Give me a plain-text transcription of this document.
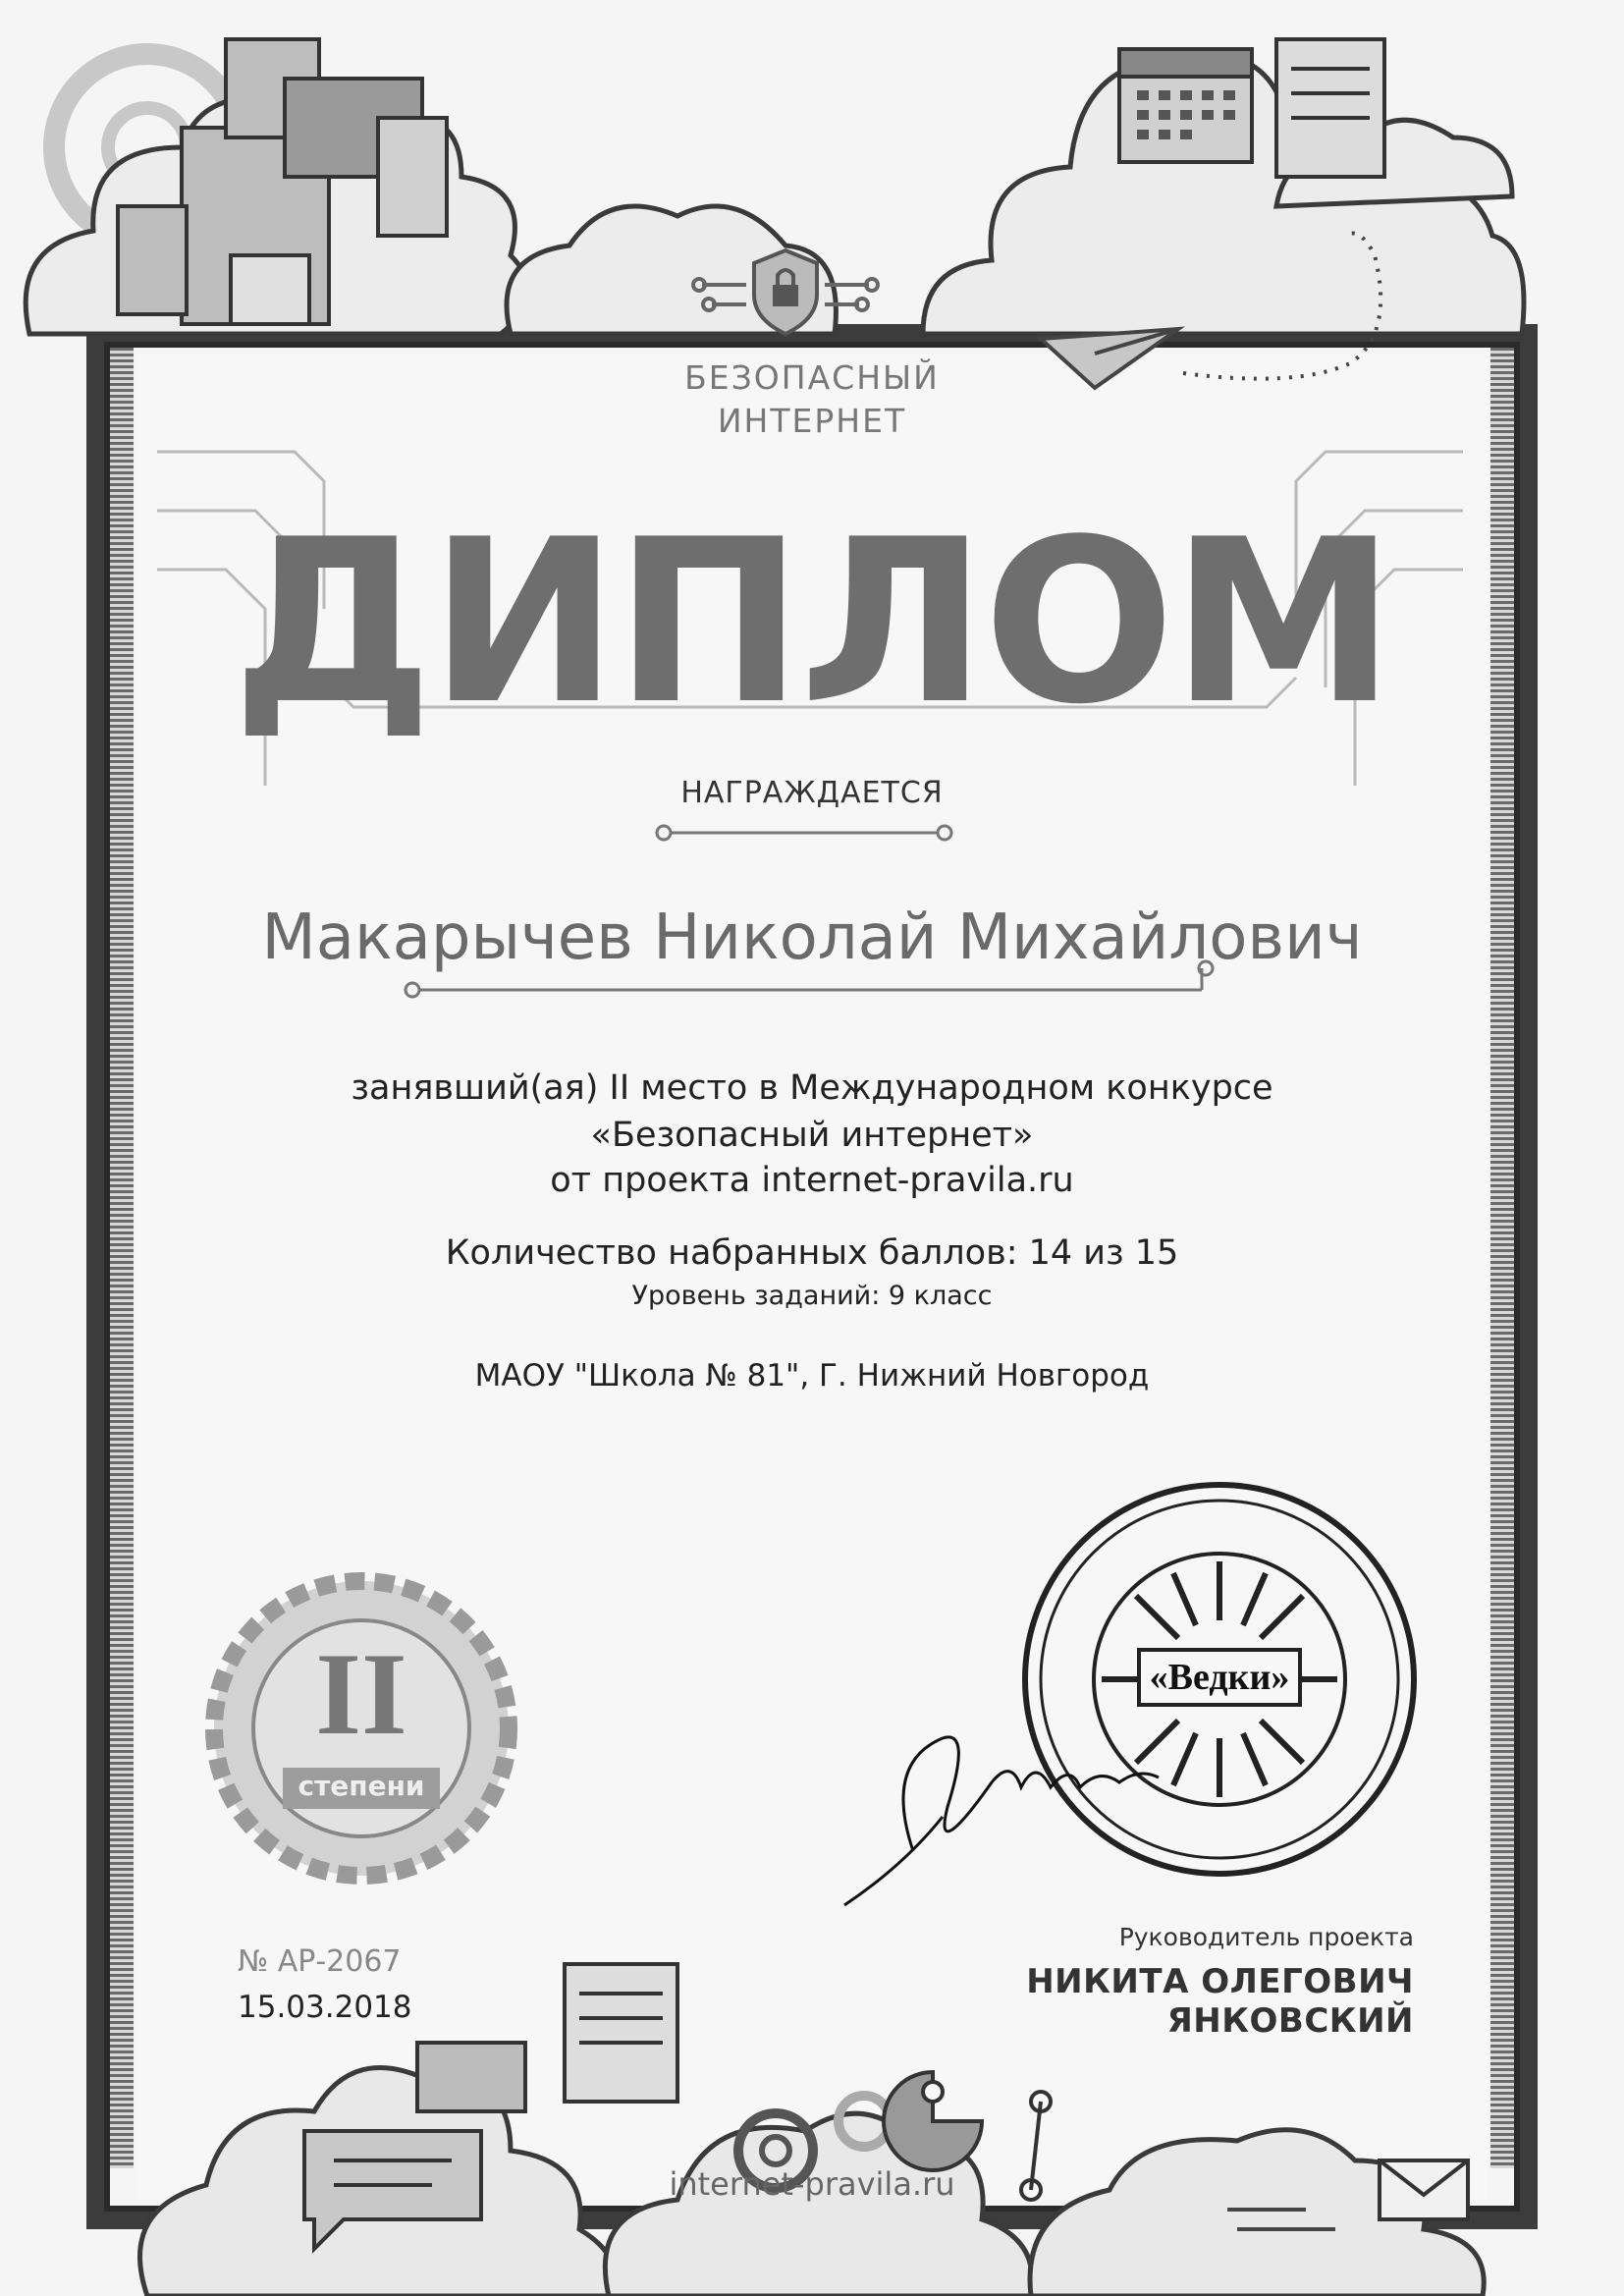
БЕЗОПАСНЫЙ
ИНТЕРНЕТ
ДИПЛОМ
НАГРАЖДАЕТСЯ
Макарычев Николай Михайлович
занявший(ая) II место в Международном конкурсе
«Безопасный интернет»
от проекта internet-pravila.ru
Количество набранных баллов: 14 из 15
Уровень заданий: 9 класс
МАОУ "Школа № 81", Г. Нижний Новгород
II
степени
«Ведки»
№ АР-2067
15.03.2018
Руководитель проекта
НИКИТА ОЛЕГОВИЧ ЯНКОВСКИЙ
internet-pravila.ru
